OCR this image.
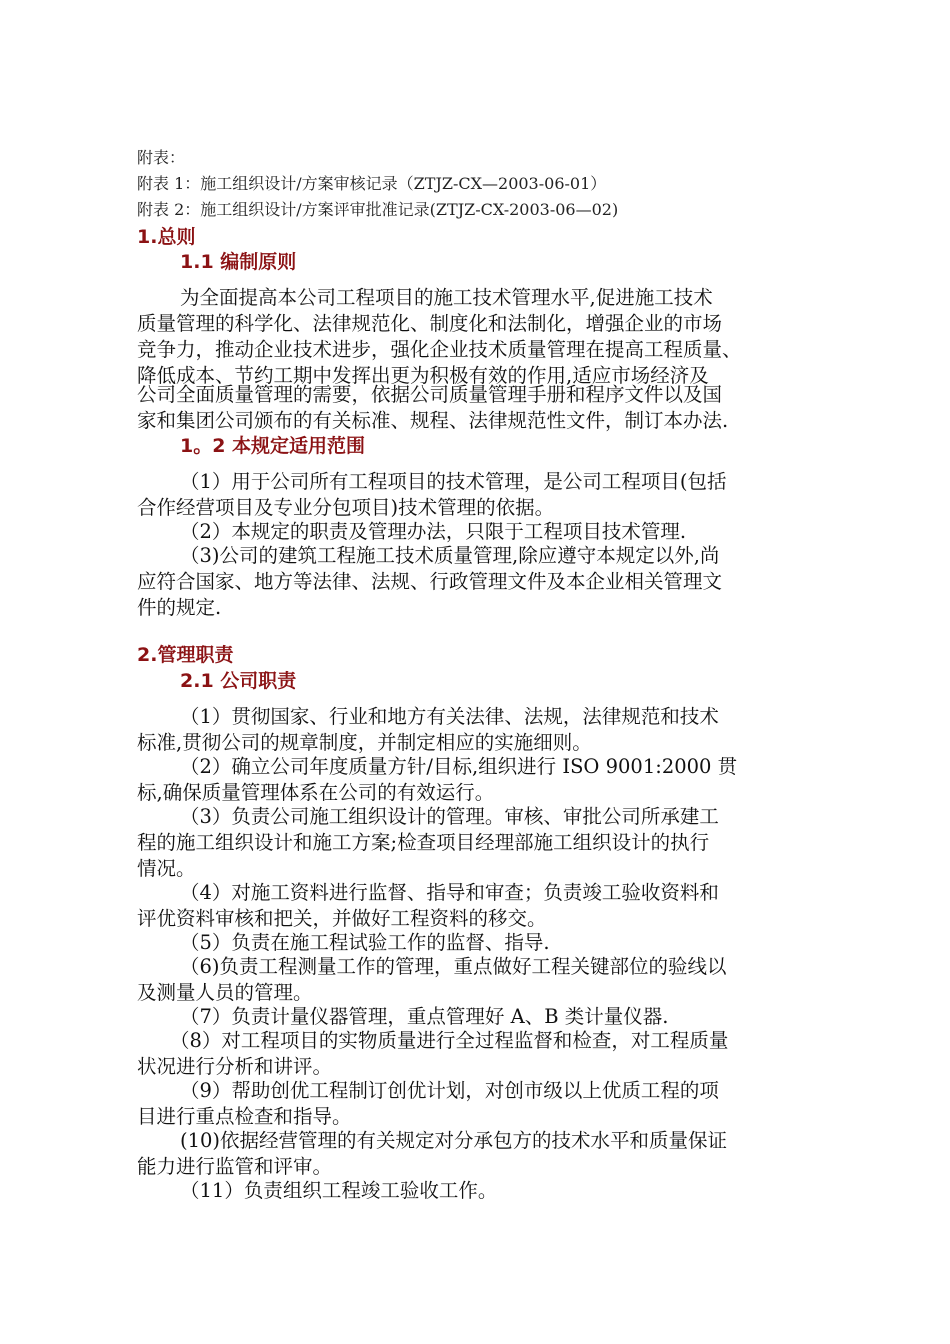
附表：
附表 1：施工组织设计/方案审核记录（ZTJZ-CX—2003-06-01）
附表 2：施工组织设计/方案评审批准记录(ZTJZ-CX-2003-06—02)
1.总则
1.1 编制原则
为全面提高本公司工程项目的施工技术管理水平,促进施工技术
质量管理的科学化、法律规范化、制度化和法制化，增强企业的市场
竞争力，推动企业技术进步，强化企业技术质量管理在提高工程质量、
降低成本、节约工期中发挥出更为积极有效的作用,适应市场经济及
公司全面质量管理的需要，依据公司质量管理手册和程序文件以及国
家和集团公司颁布的有关标准、规程、法律规范性文件，制订本办法.
1。2 本规定适用范围
（1）用于公司所有工程项目的技术管理，是公司工程项目(包括
合作经营项目及专业分包项目)技术管理的依据。
（2）本规定的职责及管理办法，只限于工程项目技术管理.
（3)公司的建筑工程施工技术质量管理,除应遵守本规定以外,尚
应符合国家、地方等法律、法规、行政管理文件及本企业相关管理文
件的规定.
2.管理职责
2.1 公司职责
（1）贯彻国家、行业和地方有关法律、法规，法律规范和技术
标准,贯彻公司的规章制度，并制定相应的实施细则。
（2）确立公司年度质量方针/目标,组织进行 ISO 9001:2000 贯
标,确保质量管理体系在公司的有效运行。
（3）负责公司施工组织设计的管理。审核、审批公司所承建工
程的施工组织设计和施工方案;检查项目经理部施工组织设计的执行
情况。
（4）对施工资料进行监督、指导和审查；负责竣工验收资料和
评优资料审核和把关，并做好工程资料的移交。
（5）负责在施工程试验工作的监督、指导.
（6)负责工程测量工作的管理，重点做好工程关键部位的验线以
及测量人员的管理。
（7）负责计量仪器管理，重点管理好 A、B 类计量仪器.
（8）对工程项目的实物质量进行全过程监督和检查，对工程质量
状况进行分析和讲评。
（9）帮助创优工程制订创优计划，对创市级以上优质工程的项
目进行重点检查和指导。
(10)依据经营管理的有关规定对分承包方的技术水平和质量保证
能力进行监管和评审。
（11）负责组织工程竣工验收工作。
